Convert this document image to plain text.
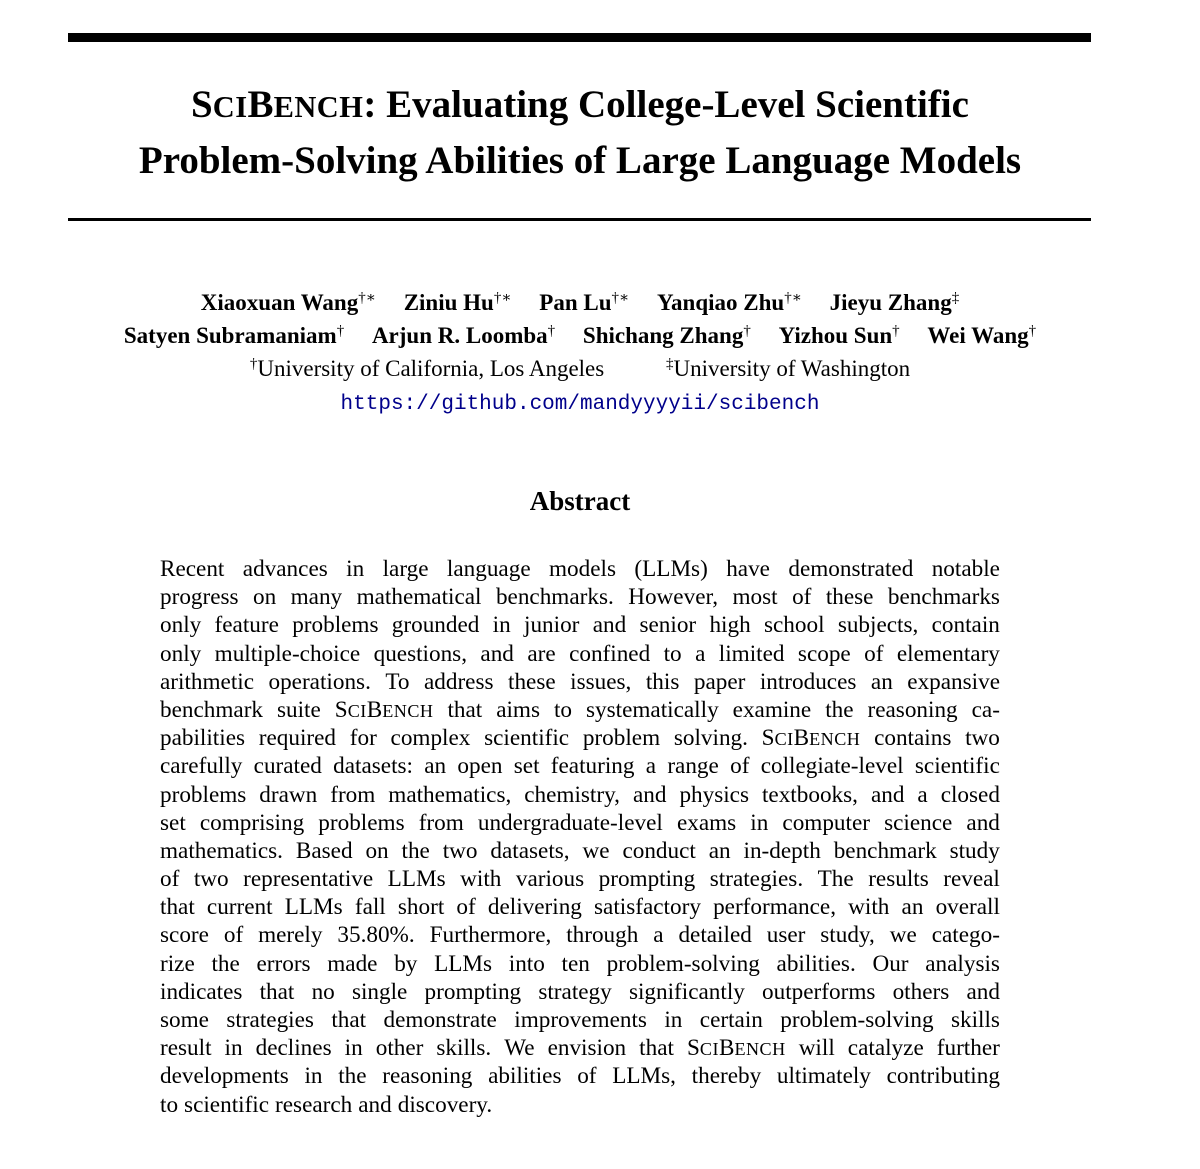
SCIBENCH: Evaluating College-Level Scientific
Problem-Solving Abilities of Large Language Models
Xiaoxuan Wang†∗ Ziniu Hu†∗ Pan Lu†∗ Yanqiao Zhu†∗ Jieyu Zhang‡
Satyen Subramaniam† Arjun R. Loomba† Shichang Zhang† Yizhou Sun† Wei Wang†
†University of California, Los Angeles	‡University of Washington
https://github.com/mandyyyyii/scibench
Abstract
Recent advances in large language models (LLMs) have demonstrated notable
progress on many mathematical benchmarks. However, most of these benchmarks
only feature problems grounded in junior and senior high school subjects, contain
only multiple-choice questions, and are confined to a limited scope of elementary
arithmetic operations. To address these issues, this paper introduces an expansive
benchmark suite SCIBENCH that aims to systematically examine the reasoning ca-
pabilities required for complex scientific problem solving. SCIBENCH contains two
carefully curated datasets: an open set featuring a range of collegiate-level scientific
problems drawn from mathematics, chemistry, and physics textbooks, and a closed
set comprising problems from undergraduate-level exams in computer science and
mathematics. Based on the two datasets, we conduct an in-depth benchmark study
of two representative LLMs with various prompting strategies. The results reveal
that current LLMs fall short of delivering satisfactory performance, with an overall
score of merely 35.80%. Furthermore, through a detailed user study, we catego-
rize the errors made by LLMs into ten problem-solving abilities. Our analysis
indicates that no single prompting strategy significantly outperforms others and
some strategies that demonstrate improvements in certain problem-solving skills
result in declines in other skills. We envision that SCIBENCH will catalyze further
developments in the reasoning abilities of LLMs, thereby ultimately contributing
to scientific research and discovery.
